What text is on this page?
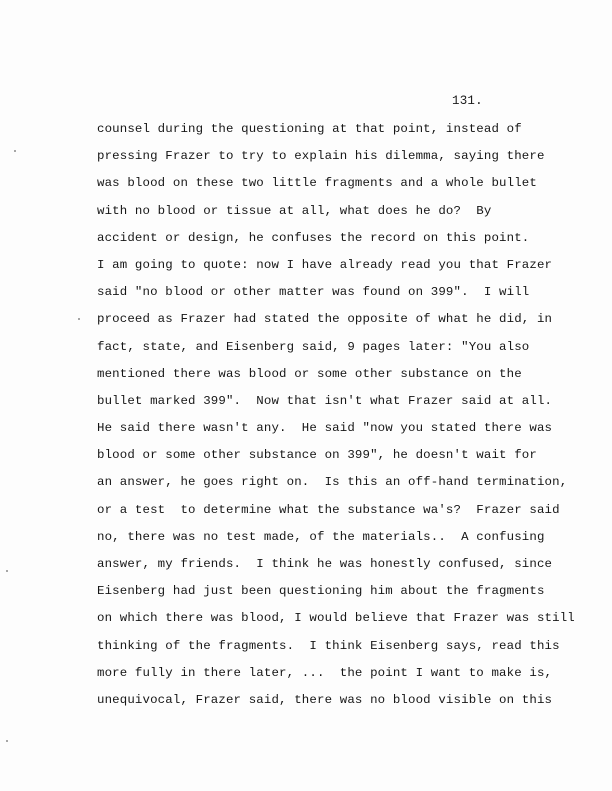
131.
counsel during the questioning at that point, instead of
pressing Frazer to try to explain his dilemma, saying there
was blood on these two little fragments and a whole bullet
with no blood or tissue at all, what does he do?  By
accident or design, he confuses the record on this point.
I am going to quote: now I have already read you that Frazer
said "no blood or other matter was found on 399".  I will
proceed as Frazer had stated the opposite of what he did, in
fact, state, and Eisenberg said, 9 pages later: "You also
mentioned there was blood or some other substance on the
bullet marked 399".  Now that isn't what Frazer said at all.
He said there wasn't any.  He said "now you stated there was
blood or some other substance on 399", he doesn't wait for
an answer, he goes right on.  Is this an off-hand termination,
or a test  to determine what the substance wa's?  Frazer said
no, there was no test made, of the materials..  A confusing
answer, my friends.  I think he was honestly confused, since
Eisenberg had just been questioning him about the fragments
on which there was blood, I would believe that Frazer was still
thinking of the fragments.  I think Eisenberg says, read this
more fully in there later, ...  the point I want to make is,
unequivocal, Frazer said, there was no blood visible on this
